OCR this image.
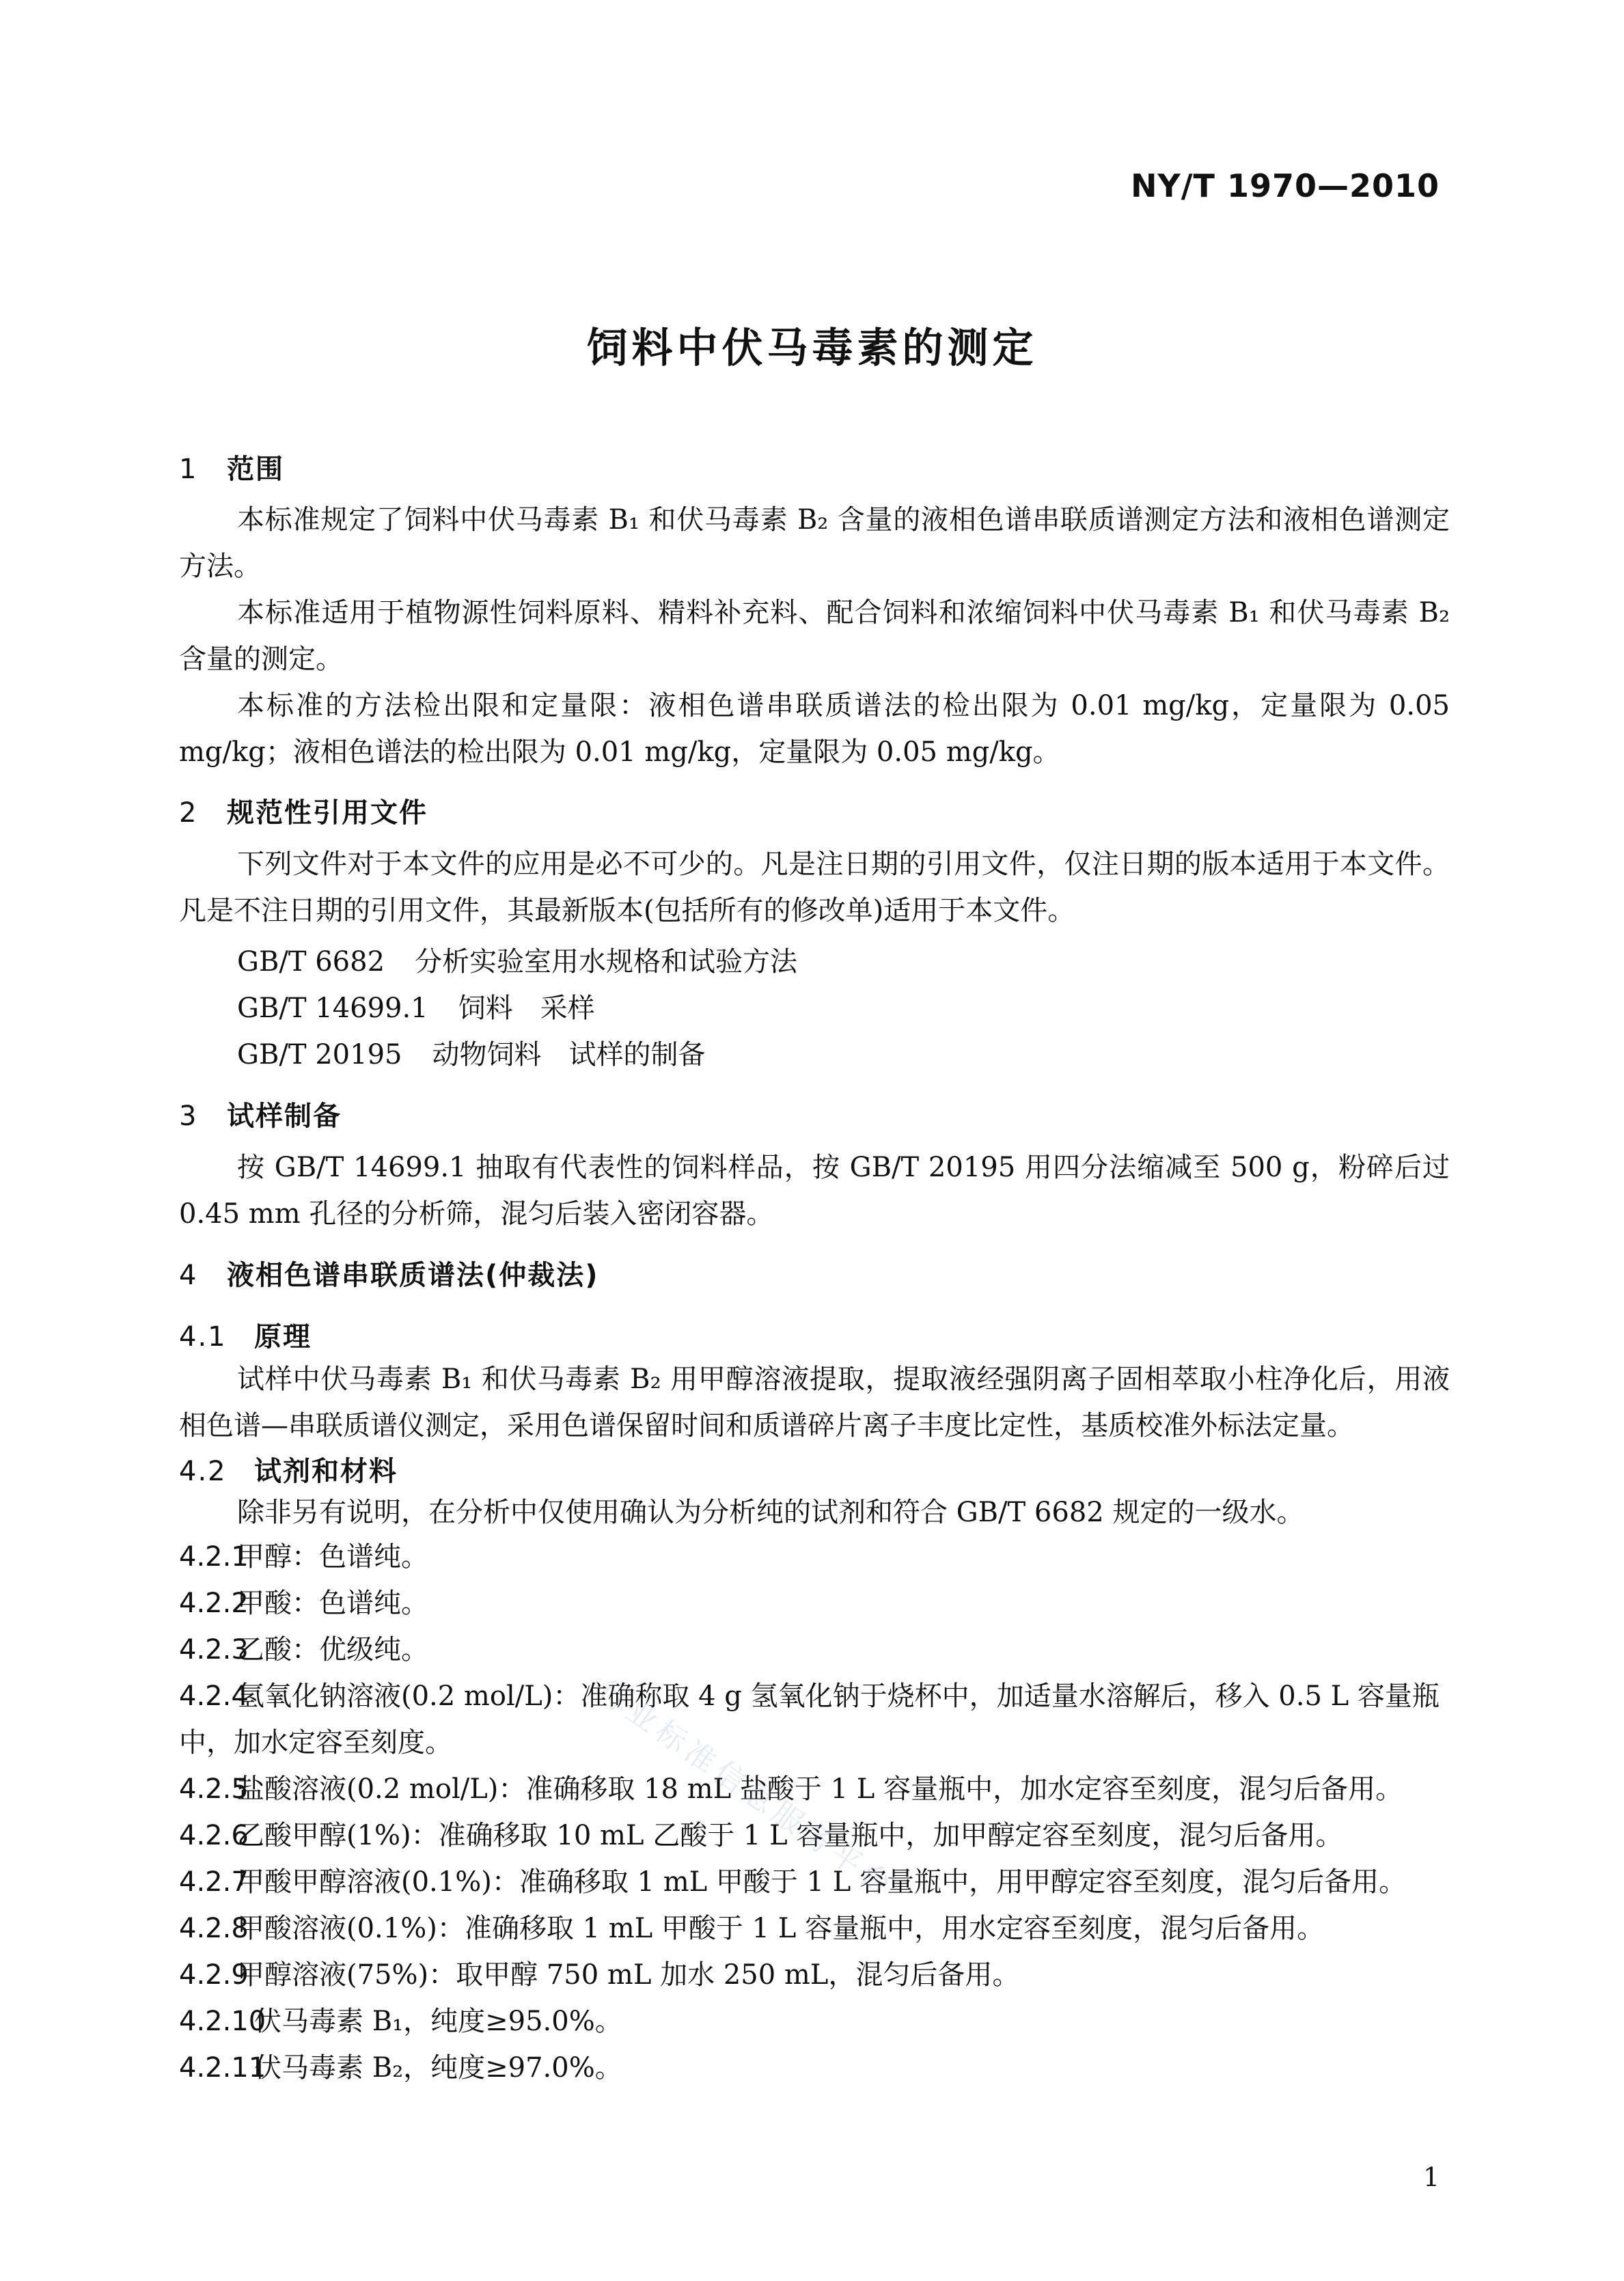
NY/T 1970—2010
饲料中伏马毒素的测定
1 范围
本标准规定了饲料中伏马毒素 B₁ 和伏马毒素 B₂ 含量的液相色谱串联质谱测定方法和液相色谱测定方法。
本标准适用于植物源性饲料原料、精料补充料、配合饲料和浓缩饲料中伏马毒素 B₁ 和伏马毒素 B₂ 含量的测定。
本标准的方法检出限和定量限：液相色谱串联质谱法的检出限为 0.01 mg/kg，定量限为 0.05 mg/kg；液相色谱法的检出限为 0.01 mg/kg，定量限为 0.05 mg/kg。
2 规范性引用文件
下列文件对于本文件的应用是必不可少的。凡是注日期的引用文件，仅注日期的版本适用于本文件。凡是不注日期的引用文件，其最新版本(包括所有的修改单)适用于本文件。
GB/T 6682 分析实验室用水规格和试验方法
GB/T 14699.1 饲料 采样
GB/T 20195 动物饲料 试样的制备
3 试样制备
按 GB/T 14699.1 抽取有代表性的饲料样品，按 GB/T 20195 用四分法缩减至 500 g，粉碎后过 0.45 mm 孔径的分析筛，混匀后装入密闭容器。
4 液相色谱串联质谱法(仲裁法)
4.1 原理
试样中伏马毒素 B₁ 和伏马毒素 B₂ 用甲醇溶液提取，提取液经强阴离子固相萃取小柱净化后，用液相色谱—串联质谱仪测定，采用色谱保留时间和质谱碎片离子丰度比定性，基质校准外标法定量。
4.2 试剂和材料
除非另有说明，在分析中仅使用确认为分析纯的试剂和符合 GB/T 6682 规定的一级水。
4.2.1甲醇：色谱纯。
4.2.2甲酸：色谱纯。
4.2.3乙酸：优级纯。
4.2.4氢氧化钠溶液(0.2 mol/L)：准确称取 4 g 氢氧化钠于烧杯中，加适量水溶解后，移入 0.5 L 容量瓶中，加水定容至刻度。
4.2.5盐酸溶液(0.2 mol/L)：准确移取 18 mL 盐酸于 1 L 容量瓶中，加水定容至刻度，混匀后备用。
4.2.6乙酸甲醇(1%)：准确移取 10 mL 乙酸于 1 L 容量瓶中，加甲醇定容至刻度，混匀后备用。
4.2.7甲酸甲醇溶液(0.1%)：准确移取 1 mL 甲酸于 1 L 容量瓶中，用甲醇定容至刻度，混匀后备用。
4.2.8甲酸溶液(0.1%)：准确移取 1 mL 甲酸于 1 L 容量瓶中，用水定容至刻度，混匀后备用。
4.2.9甲醇溶液(75%)：取甲醇 750 mL 加水 250 mL，混匀后备用。
4.2.10伏马毒素 B₁，纯度≥95.0%。
4.2.11伏马毒素 B₂，纯度≥97.0%。
行业标准信息服务平台
1
